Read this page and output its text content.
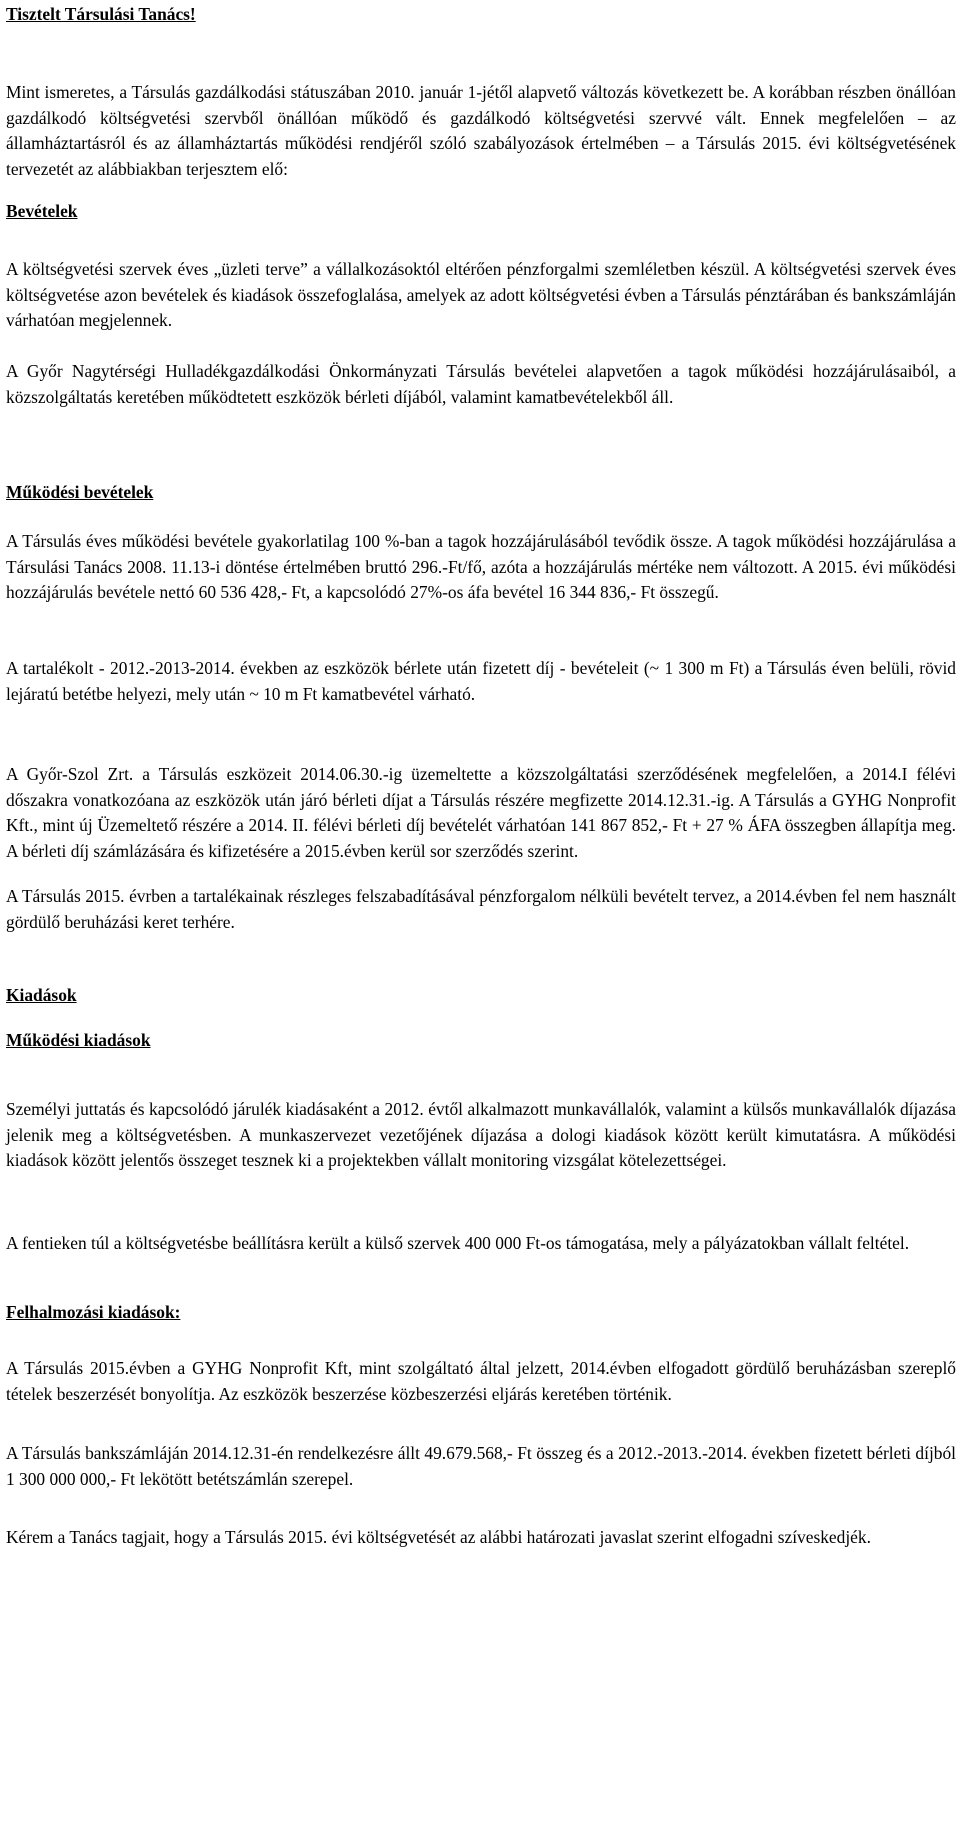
Tisztelt Társulási Tanács!

Mint ismeretes, a Társulás gazdálkodási státuszában 2010. január 1-jétől alapvető változás következett be. A korábban részben önállóan gazdálkodó költségvetési szervből önállóan működő és gazdálkodó költségvetési szervvé vált. Ennek megfelelően – az államháztartásról és az államháztartás működési rendjéről szóló szabályozások értelmében – a Társulás 2015. évi költségvetésének tervezetét az alábbiakban terjesztem elő:

Bevételek

A költségvetési szervek éves „üzleti terve” a vállalkozásoktól eltérően pénzforgalmi szemléletben készül. A költségvetési szervek éves költségvetése azon bevételek és kiadások összefoglalása, amelyek az adott költségvetési évben a Társulás pénztárában és bankszámláján várhatóan megjelennek.

A Győr Nagytérségi Hulladékgazdálkodási Önkormányzati Társulás bevételei alapvetően a tagok működési hozzájárulásaiból, a közszolgáltatás keretében működtetett eszközök bérleti díjából, valamint kamatbevételekből áll.

Működési bevételek

A Társulás éves működési bevétele gyakorlatilag 100 %-ban a tagok hozzájárulásából tevődik össze. A tagok működési hozzájárulása a Társulási Tanács 2008. 11.13-i döntése értelmében bruttó 296.-Ft/fő, azóta a hozzájárulás mértéke nem változott. A 2015. évi működési hozzájárulás bevétele nettó 60 536 428,- Ft, a kapcsolódó 27%-os áfa bevétel 16 344 836,- Ft összegű.

A tartalékolt - 2012.-2013-2014. években az eszközök bérlete után fizetett díj - bevételeit (~ 1 300 m Ft) a Társulás éven belüli, rövid lejáratú betétbe helyezi, mely után ~ 10 m Ft kamatbevétel várható.

A Győr-Szol Zrt. a Társulás eszközeit 2014.06.30.-ig üzemeltette a közszolgáltatási szerződésének megfelelően, a 2014.I félévi dőszakra vonatkozóana az eszközök után járó bérleti díjat a Társulás részére megfizette 2014.12.31.-ig. A Társulás a GYHG Nonprofit Kft., mint új Üzemeltető részére a 2014. II. félévi bérleti díj bevételét várhatóan 141 867 852,- Ft + 27 % ÁFA összegben állapítja meg. A bérleti díj számlázására és kifizetésére a 2015.évben kerül sor szerződés szerint.

A Társulás 2015. évrben a tartalékainak részleges felszabadításával pénzforgalom nélküli bevételt tervez, a 2014.évben fel nem használt gördülő beruházási keret terhére.

Kiadások
Működési kiadások

Személyi juttatás és kapcsolódó járulék kiadásaként a 2012. évtől alkalmazott munkavállalók, valamint a külsős munkavállalók díjazása jelenik meg a költségvetésben. A munkaszervezet vezetőjének díjazása a dologi kiadások között került kimutatásra. A működési kiadások között jelentős összeget tesznek ki a projektekben vállalt monitoring vizsgálat kötelezettségei.

A fentieken túl a költségvetésbe beállításra került a külső szervek 400 000 Ft-os támogatása, mely a pályázatokban vállalt feltétel.

Felhalmozási kiadások:

A Társulás 2015.évben a GYHG Nonprofit Kft, mint szolgáltató által jelzett, 2014.évben elfogadott gördülő beruházásban szereplő tételek beszerzését bonyolítja. Az eszközök beszerzése közbeszerzési eljárás keretében történik.

A Társulás bankszámláján 2014.12.31-én rendelkezésre állt 49.679.568,- Ft összeg és a 2012.-2013.-2014. években fizetett bérleti díjból 1 300 000 000,- Ft lekötött betétszámlán szerepel.

Kérem a Tanács tagjait, hogy a Társulás 2015. évi költségvetését az alábbi határozati javaslat szerint elfogadni szíveskedjék.
